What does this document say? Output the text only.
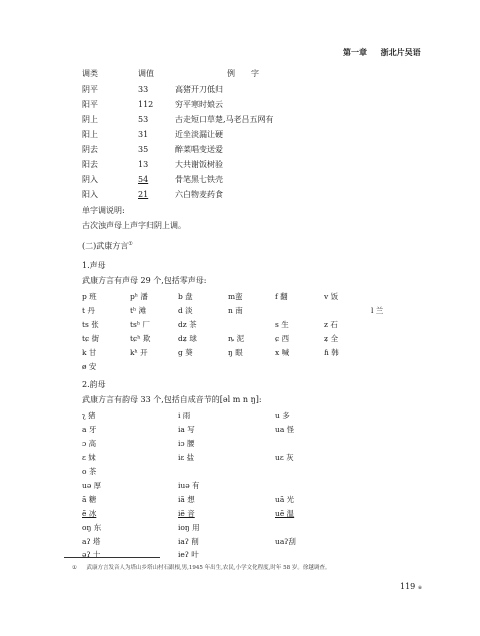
第一章 浙北片吴语
调类	调值	例　　字
阴平	33	高猪开刀低归
阳平	112	穷平寒时娘云
阴上	53	古走短口草楚,马老吕五网有
阳上	31	近坐淡漏让硬
阴去	35	醉菜唱变送爱
阳去	13	大共谢饭树验
阴入	54	骨笔黑七铁壳
阳入	21	六白物麦药食
单字调说明:
古次浊声母上声字归阴上调。
(二)武康方言①
1.声母
武康方言有声母 29 个,包括零声母:
p 班	pʰ 潘	b 盘	m蛮	f 翻	v 饭
t 丹	tʰ 滩	d 淡	n 南	l 兰
ts 张	tsʰ 厂	dz 茶	s 生	z 石
tɕ 街	tɕʰ 欺	dʑ 球	ȵ 泥	ɕ 西	ʑ 全
k 甘	kʰ 开	g 葵	ŋ 眼	x 喊	ɦ 韩
ø 安
2.韵母
武康方言有韵母 33 个,包括自成音节的[əl m n ŋ]:
ʅ 猪	i 雨	u 多
a 牙	ia 写	ua 怪
ɔ 高	iɔ 腰
ɛ 妹	iɛ 盐	uɛ 灰
o 茶
uə 厚	iuə 有
ã 糖	iã 想	uã 光
ẽ 冰	iẽ 音	uẽ 温
oŋ 东	ioŋ 用
aʔ 塔	iaʔ 削	uaʔ刮
əʔ 十	ieʔ 叶
① 武康方言发音人为塔山乡塔山村石跟根,男,1945 年出生,农民,小学文化程度,时年 58 岁。徐越调查。
119 ※
